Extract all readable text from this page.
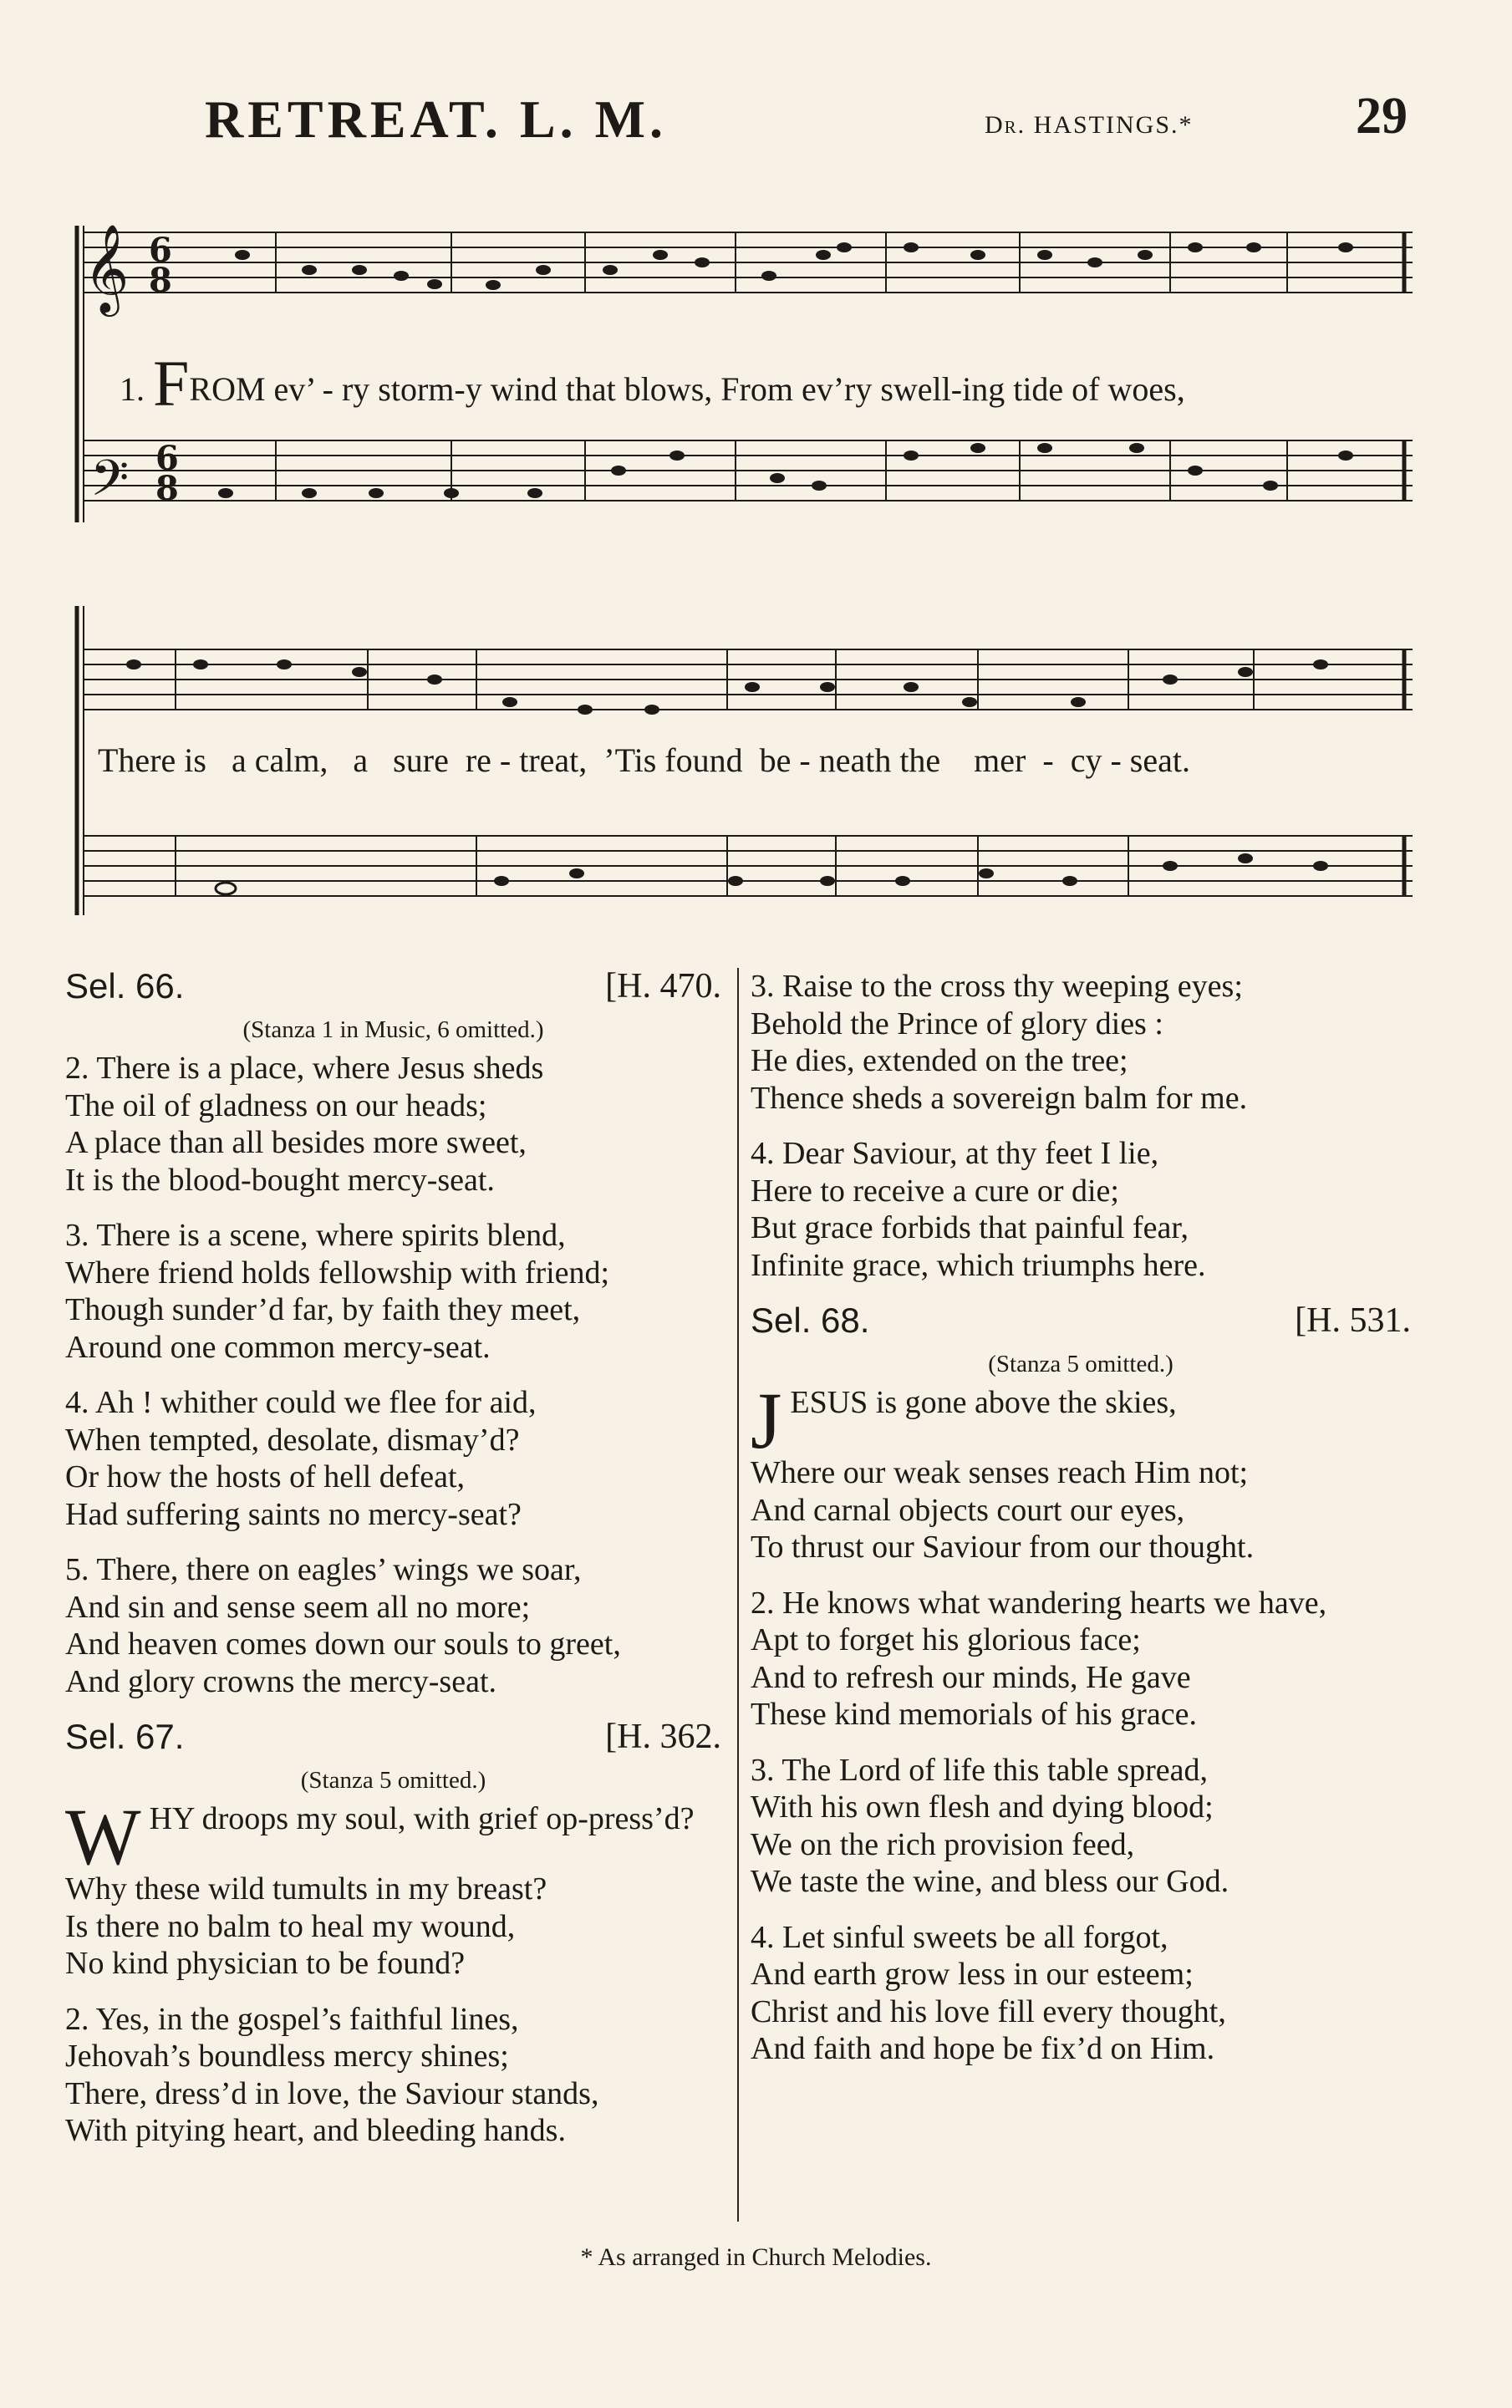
RETREAT. L. M.	Dr. HASTINGS.*	29
𝄞
𝄢
6
8
6
8
1. FROM ev’ - ry storm-y wind that blows, From ev’ry swell-ing tide of woes,
There is   a calm,   a   sure  re - treat,  ’Tis found  be - neath the    mer  -  cy - seat.
Sel. 66.	[H. 470.
(Stanza 1 in Music, 6 omitted.)
2. There is a place, where Jesus sheds
The oil of gladness on our heads;
A place than all besides more sweet,
It is the blood-bought mercy-seat.
3. There is a scene, where spirits blend,
Where friend holds fellowship with friend;
Though sunder’d far, by faith they meet,
Around one common mercy-seat.
4. Ah ! whither could we flee for aid,
When tempted, desolate, dismay’d?
Or how the hosts of hell defeat,
Had suffering saints no mercy-seat?
5. There, there on eagles’ wings we soar,
And sin and sense seem all no more;
And heaven comes down our souls to greet,
And glory crowns the mercy-seat.
Sel. 67.	[H. 362.
(Stanza 5 omitted.)
W HY droops my soul, with grief op-press’d?
Why these wild tumults in my breast?
Is there no balm to heal my wound,
No kind physician to be found?
2. Yes, in the gospel’s faithful lines,
Jehovah’s boundless mercy shines;
There, dress’d in love, the Saviour stands,
With pitying heart, and bleeding hands.
3. Raise to the cross thy weeping eyes;
Behold the Prince of glory dies :
He dies, extended on the tree;
Thence sheds a sovereign balm for me.
4. Dear Saviour, at thy feet I lie,
Here to receive a cure or die;
But grace forbids that painful fear,
Infinite grace, which triumphs here.
Sel. 68.	[H. 531.
(Stanza 5 omitted.)
J ESUS is gone above the skies,
Where our weak senses reach Him not;
And carnal objects court our eyes,
To thrust our Saviour from our thought.
2. He knows what wandering hearts we have,
Apt to forget his glorious face;
And to refresh our minds, He gave
These kind memorials of his grace.
3. The Lord of life this table spread,
With his own flesh and dying blood;
We on the rich provision feed,
We taste the wine, and bless our God.
4. Let sinful sweets be all forgot,
And earth grow less in our esteem;
Christ and his love fill every thought,
And faith and hope be fix’d on Him.
* As arranged in Church Melodies.
